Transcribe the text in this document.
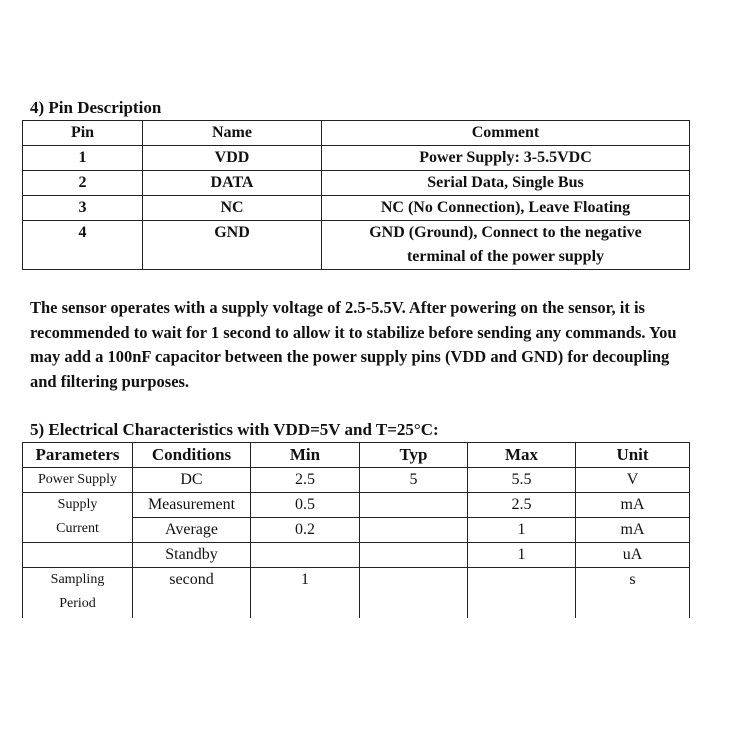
4) Pin Description
Pin	Name	Comment
1	VDD	Power Supply: 3-5.5VDC
2	DATA	Serial Data, Single Bus
3	NC	NC (No Connection), Leave Floating
4	GND	GND (Ground), Connect to the negative
terminal of the power supply

The sensor operates with a supply voltage of 2.5-5.5V. After powering on the sensor, it is recommended to wait for 1 second to allow it to stabilize before sending any commands. You may add a 100nF capacitor between the power supply pins (VDD and GND) for decoupling and filtering purposes.

5) Electrical Characteristics with VDD=5V and T=25°C:
Parameters	Conditions	Min	Typ	Max	Unit
Power Supply	DC	2.5	5	5.5	V

Supply
Current	Measurement	0.5		2.5	mA
	Average	0.2		1	mA
	Standby			1	uA

Sampling
Period	second	1			s
